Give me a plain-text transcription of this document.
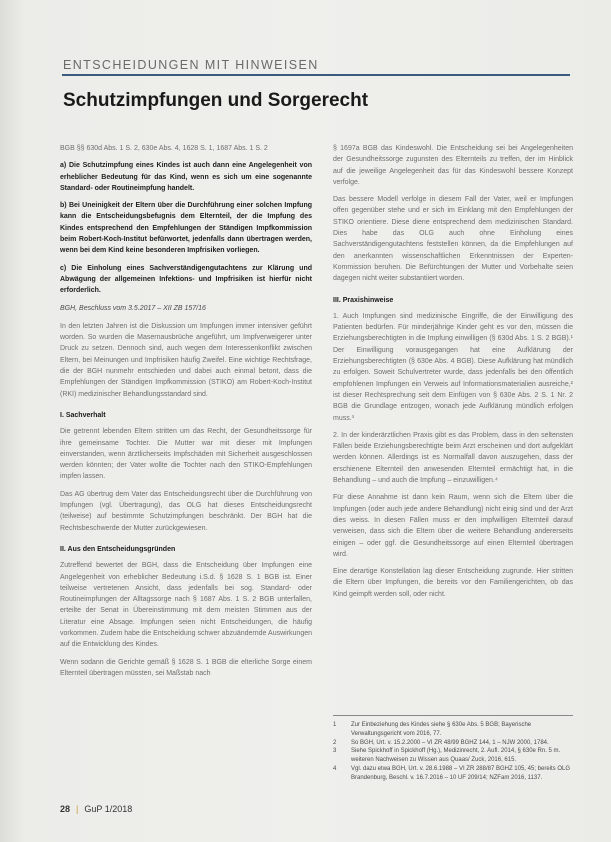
ENTSCHEIDUNGEN MIT HINWEISEN
Schutzimpfungen und Sorgerecht

BGB §§ 630d Abs. 1 S. 2, 630e Abs. 4, 1628 S. 1, 1687 Abs. 1 S. 2

a) Die Schutzimpfung eines Kindes ist auch dann eine Angelegenheit von erheblicher Bedeutung für das Kind, wenn es sich um eine sogenannte Standard- oder Routineimpfung handelt.

b) Bei Uneinigkeit der Eltern über die Durchführung einer solchen Impfung kann die Entscheidungsbefugnis dem Elternteil, der die Impfung des Kindes entsprechend den Empfehlungen der Ständigen Impfkommission beim Robert-Koch-Institut befürwortet, jedenfalls dann übertragen werden, wenn bei dem Kind keine besonderen Impfrisiken vorliegen.

c) Die Einholung eines Sachverständigengutachtens zur Klärung und Abwägung der allgemeinen Infektions- und Impfrisiken ist hierfür nicht erforderlich.

BGH, Beschluss vom 3.5.2017 – XII ZB 157/16

In den letzten Jahren ist die Diskussion um Impfungen immer intensiver geführt worden. So wurden die Masernausbrüche angeführt, um Impfverweigerer unter Druck zu setzen. Dennoch sind, auch wegen dem Interessenkonflikt zwischen Eltern, bei Meinungen und Impfrisiken häufig Zweifel. Eine wichtige Rechtsfrage, die der BGH nunmehr entschieden und dabei auch einmal betont, dass die Empfehlungen der Ständigen Impfkommission (STIKO) am Robert-Koch-Institut (RKI) medizinischer Behandlungsstandard sind.

I. Sachverhalt

Die getrennt lebenden Eltern stritten um das Recht, der Gesundheitssorge für ihre gemeinsame Tochter. Die Mutter war mit dieser mit Impfungen einverstanden, wenn ärztlicherseits Impfschäden mit Sicherheit ausgeschlossen werden könnten; der Vater wollte die Tochter nach den STIKO-Empfehlungen impfen lassen.

Das AG übertrug dem Vater das Entscheidungsrecht über die Durchführung von Impfungen (vgl. Übertragung), das OLG hat dieses Entscheidungsrecht (teilweise) auf bestimmte Schutzimpfungen beschränkt. Der BGH hat die Rechtsbeschwerde der Mutter zurückgewiesen.

II. Aus den Entscheidungsgründen

Zutreffend bewertet der BGH, dass die Entscheidung über Impfungen eine Angelegenheit von erheblicher Bedeutung i.S.d. § 1628 S. 1 BGB ist. Einer teilweise vertretenen Ansicht, dass jedenfalls bei sog. Standard- oder Routineimpfungen der Alltagssorge nach § 1687 Abs. 1 S. 2 BGB unterfallen, erteilte der Senat in Übereinstimmung mit dem meisten Stimmen aus der Literatur eine Absage. Impfungen seien nicht Entscheidungen, die häufig vorkommen. Zudem habe die Entscheidung schwer abzuändernde Auswirkungen auf die Entwicklung des Kindes.

Wenn sodann die Gerichte gemäß § 1628 S. 1 BGB die elterliche Sorge einem Elternteil übertragen müssten, sei Maßstab nach

§ 1697a BGB das Kindeswohl. Die Entscheidung sei bei Angelegenheiten der Gesundheitssorge zugunsten des Elternteils zu treffen, der im Hinblick auf die jeweilige Angelegenheit das für das Kindeswohl bessere Konzept verfolge.

Das bessere Modell verfolge in diesem Fall der Vater, weil er Impfungen offen gegenüber stehe und er sich im Einklang mit den Empfehlungen der STIKO orientiere. Diese diene entsprechend dem medizinischen Standard. Dies habe das OLG auch ohne Einholung eines Sachverständigengutachtens feststellen können, da die Empfehlungen auf den anerkannten wissenschaftlichen Erkenntnissen der Experten-Kommission beruhen. Die Befürchtungen der Mutter und Vorbehalte seien dagegen nicht weiter substantiiert worden.

III. Praxishinweise

1. Auch Impfungen sind medizinische Eingriffe, die der Einwilligung des Patienten bedürfen. Für minderjährige Kinder geht es vor den, müssen die Erziehungsberechtigten in die Impfung einwilligen (§ 630d Abs. 1 S. 2 BGB).¹ Der Einwilligung vorausgegangen hat eine Aufklärung der Erziehungsberechtigten (§ 630e Abs. 4 BGB). Diese Aufklärung hat mündlich zu erfolgen. Soweit Schulvertreter wurde, dass jedenfalls bei den öffentlich empfohlenen Impfungen ein Verweis auf Informationsmaterialien ausreiche,² ist dieser Rechtsprechung seit dem Einfügen von § 630e Abs. 2 S. 1 Nr. 2 BGB die Grundlage entzogen, wonach jede Aufklärung mündlich erfolgen muss.³

2. In der kinderärztlichen Praxis gibt es das Problem, dass in den seltensten Fällen beide Erziehungsberechtigte beim Arzt erscheinen und dort aufgeklärt werden können. Allerdings ist es Normalfall davon auszugehen, dass der erschienene Elternteil den anwesenden Elternteil ermächtigt hat, in die Behandlung – und auch die Impfung – einzuwilligen.⁴

Für diese Annahme ist dann kein Raum, wenn sich die Eltern über die Impfungen (oder auch jede andere Behandlung) nicht einig sind und der Arzt dies weiss. In diesen Fällen muss er den impfwilligen Elternteil darauf verweisen, dass sich die Eltern über die weitere Behandlung andererseits einigen – oder ggf. die Gesundheitssorge auf einen Elternteil übertragen wird.

Eine derartige Konstellation lag dieser Entscheidung zugrunde. Hier stritten die Eltern über Impfungen, die bereits vor den Familiengerichten, ob das Kind geimpft werden soll, oder nicht.

1	Zur Einbeziehung des Kindes siehe § 630e Abs. 5 BGB; Bayerische Verwaltungsgericht vom 2016, 77.
2	So BGH, Urt. v. 15.2.2000 – VI ZR 48/99 BGHZ 144, 1 – NJW 2000, 1784.
3	Siehe Spickhoff in Spickhoff (Hg.), Medizinrecht, 2. Aufl. 2014, § 630e Rn. 5 m. weiteren Nachweisen zu Wissen aus Quaas/ Zuck, 2016, 615.
4	Vgl. dazu etwa BGH, Urt. v. 28.6.1988 – VI ZR 288/87 BGHZ 105, 45; bereits OLG Brandenburg, Beschl. v. 16.7.2016 – 10 UF 209/14; NZFam 2016, 1137.
28 | GuP 1/2018
